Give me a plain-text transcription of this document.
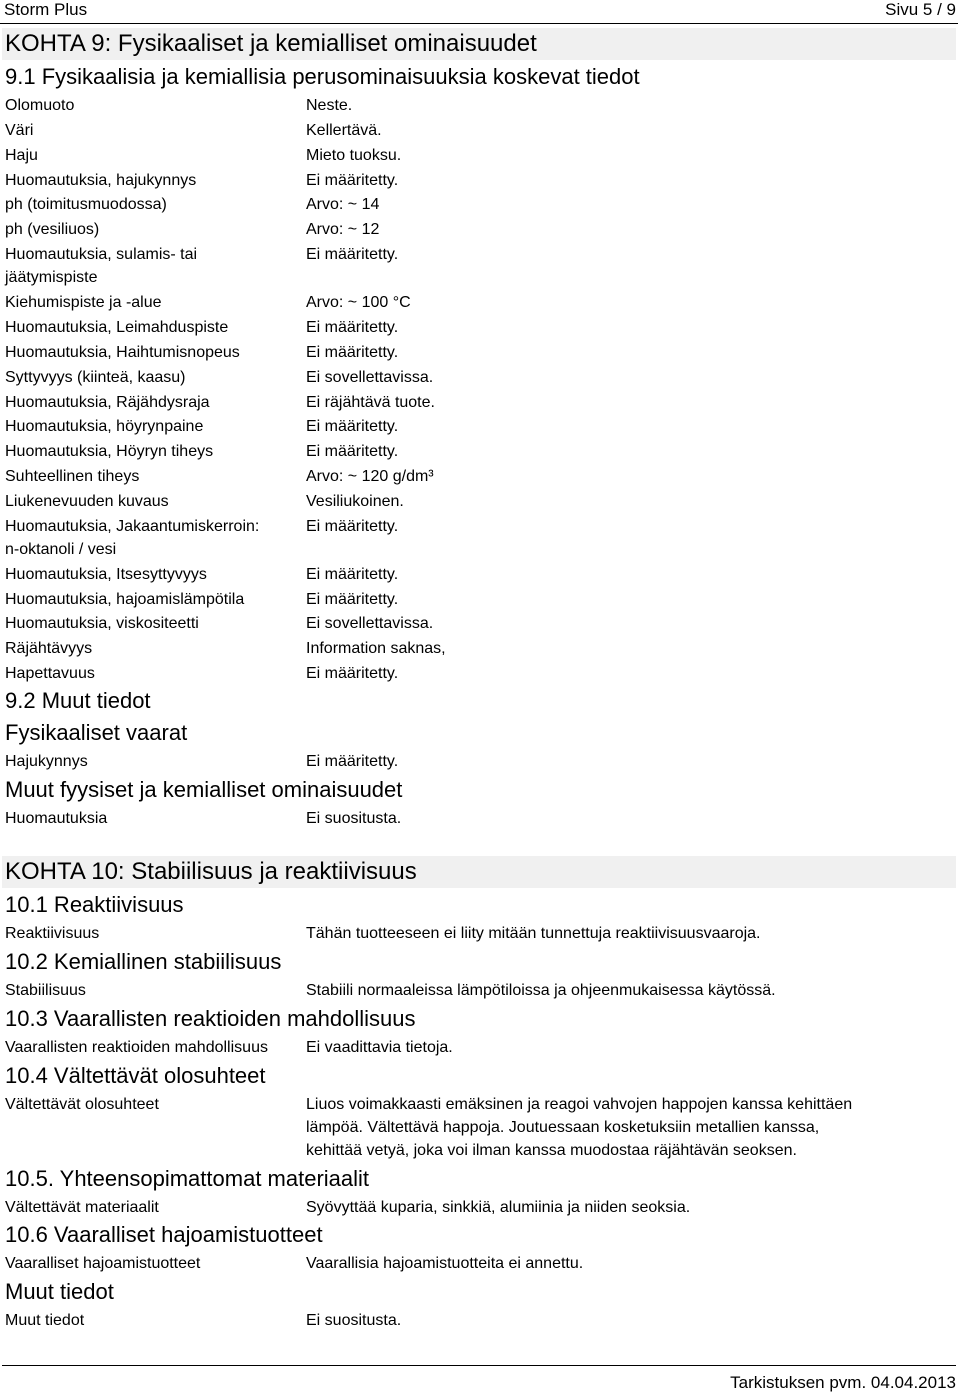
Storm Plus	Sivu 5 / 9
KOHTA 9: Fysikaaliset ja kemialliset ominaisuudet
9.1 Fysikaalisia ja kemiallisia perusominaisuuksia koskevat tiedot
Olomuoto	Neste.
Väri	Kellertävä.
Haju	Mieto tuoksu.
Huomautuksia, hajukynnys	Ei määritetty.
ph (toimitusmuodossa)	Arvo: ~ 14
ph (vesiliuos)	Arvo: ~ 12
Huomautuksia, sulamis- tai	Ei määritetty.
jäätymispiste
Kiehumispiste ja -alue	Arvo: ~ 100 °C
Huomautuksia, Leimahduspiste	Ei määritetty.
Huomautuksia, Haihtumisnopeus	Ei määritetty.
Syttyvyys (kiinteä, kaasu)	Ei sovellettavissa.
Huomautuksia, Räjähdysraja	Ei räjähtävä tuote.
Huomautuksia, höyrynpaine	Ei määritetty.
Huomautuksia, Höyryn tiheys	Ei määritetty.
Suhteellinen tiheys	Arvo: ~ 120 g/dm³
Liukenevuuden kuvaus	Vesiliukoinen.
Huomautuksia, Jakaantumiskerroin:	Ei määritetty.
n-oktanoli / vesi
Huomautuksia, Itsesyttyvyys	Ei määritetty.
Huomautuksia, hajoamislämpötila	Ei määritetty.
Huomautuksia, viskositeetti	Ei sovellettavissa.
Räjähtävyys	Information saknas,
Hapettavuus	Ei määritetty.
9.2 Muut tiedot
Fysikaaliset vaarat
Hajukynnys	Ei määritetty.
Muut fyysiset ja kemialliset ominaisuudet
Huomautuksia	Ei suositusta.
KOHTA 10: Stabiilisuus ja reaktiivisuus
10.1 Reaktiivisuus
Reaktiivisuus	Tähän tuotteeseen ei liity mitään tunnettuja reaktiivisuusvaaroja.
10.2 Kemiallinen stabiilisuus
Stabiilisuus	Stabiili normaaleissa lämpötiloissa ja ohjeenmukaisessa käytössä.
10.3 Vaarallisten reaktioiden mahdollisuus
Vaarallisten reaktioiden mahdollisuus	Ei vaadittavia tietoja.
10.4 Vältettävät olosuhteet
Vältettävät olosuhteet	Liuos voimakkaasti emäksinen ja reagoi vahvojen happojen kanssa kehittäen
lämpöä. Vältettävä happoja. Joutuessaan kosketuksiin metallien kanssa,
kehittää vetyä, joka voi ilman kanssa muodostaa räjähtävän seoksen.
10.5. Yhteensopimattomat materiaalit
Vältettävät materiaalit	Syövyttää kuparia, sinkkiä, alumiinia ja niiden seoksia.
10.6 Vaaralliset hajoamistuotteet
Vaaralliset hajoamistuotteet	Vaarallisia hajoamistuotteita ei annettu.
Muut tiedot
Muut tiedot	Ei suositusta.
Tarkistuksen pvm. 04.04.2013
